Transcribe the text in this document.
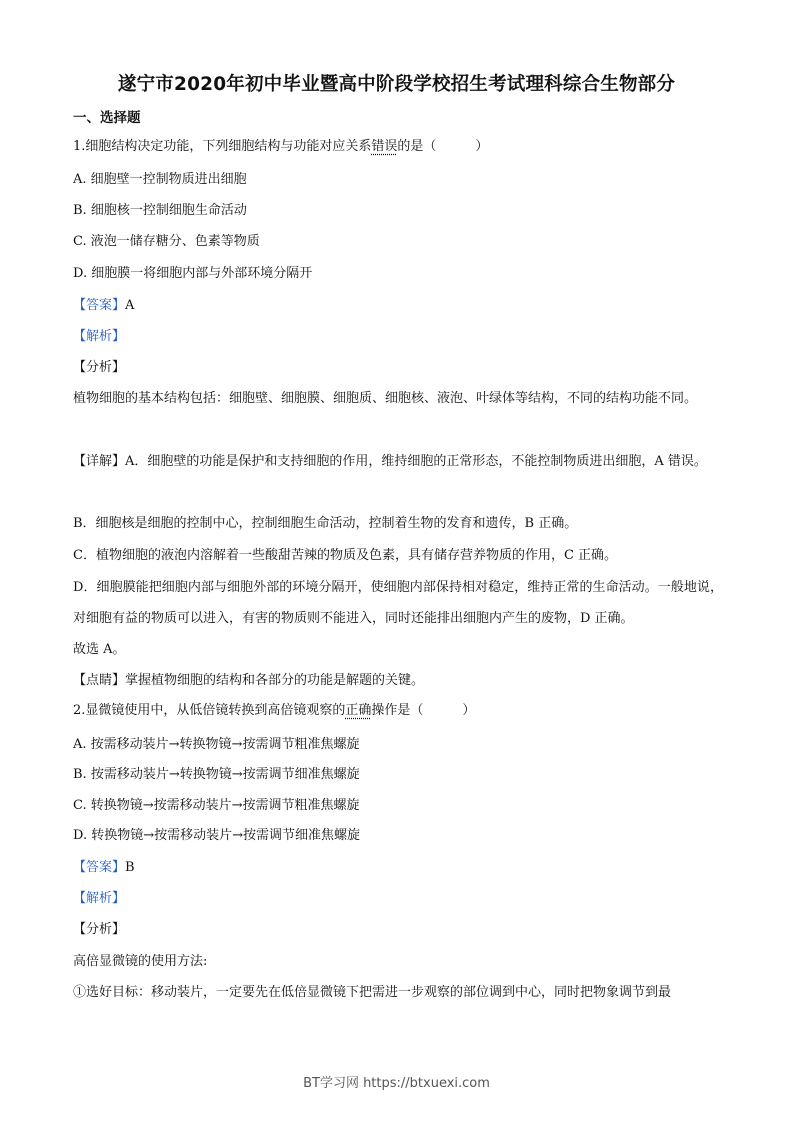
遂宁市2020年初中毕业暨高中阶段学校招生考试理科综合生物部分
一、选择题
1.细胞结构决定功能，下列细胞结构与功能对应关系错误的是（　　　）
A. 细胞壁一控制物质进出细胞
B. 细胞核一控制细胞生命活动
C. 液泡一储存糖分、色素等物质
D. 细胞膜一将细胞内部与外部环境分隔开
【答案】A
【解析】
【分析】
植物细胞的基本结构包括：细胞壁、细胞膜、细胞质、细胞核、液泡、叶绿体等结构，不同的结构功能不同。
【详解】A．细胞壁的功能是保护和支持细胞的作用，维持细胞的正常形态，不能控制物质进出细胞，A 错误。
B．细胞核是细胞的控制中心，控制细胞生命活动，控制着生物的发育和遗传，B 正确。
C．植物细胞的液泡内溶解着一些酸甜苦辣的物质及色素，具有储存营养物质的作用，C 正确。
D．细胞膜能把细胞内部与细胞外部的环境分隔开，使细胞内部保持相对稳定，维持正常的生命活动。一般地说，对细胞有益的物质可以进入，有害的物质则不能进入，同时还能排出细胞内产生的废物，D 正确。
故选 A。
【点睛】掌握植物细胞的结构和各部分的功能是解题的关键。
2.显微镜使用中，从低倍镜转换到高倍镜观察的正确操作是（　　　）
A. 按需移动装片→转换物镜→按需调节粗准焦螺旋
B. 按需移动装片→转换物镜→按需调节细准焦螺旋
C. 转换物镜→按需移动装片→按需调节粗准焦螺旋
D. 转换物镜→按需移动装片→按需调节细准焦螺旋
【答案】B
【解析】
【分析】
高倍显微镜的使用方法:
①选好目标：移动装片，一定要先在低倍显微镜下把需进一步观察的部位调到中心，同时把物象调节到最
BT学习网 https://btxuexi.com
